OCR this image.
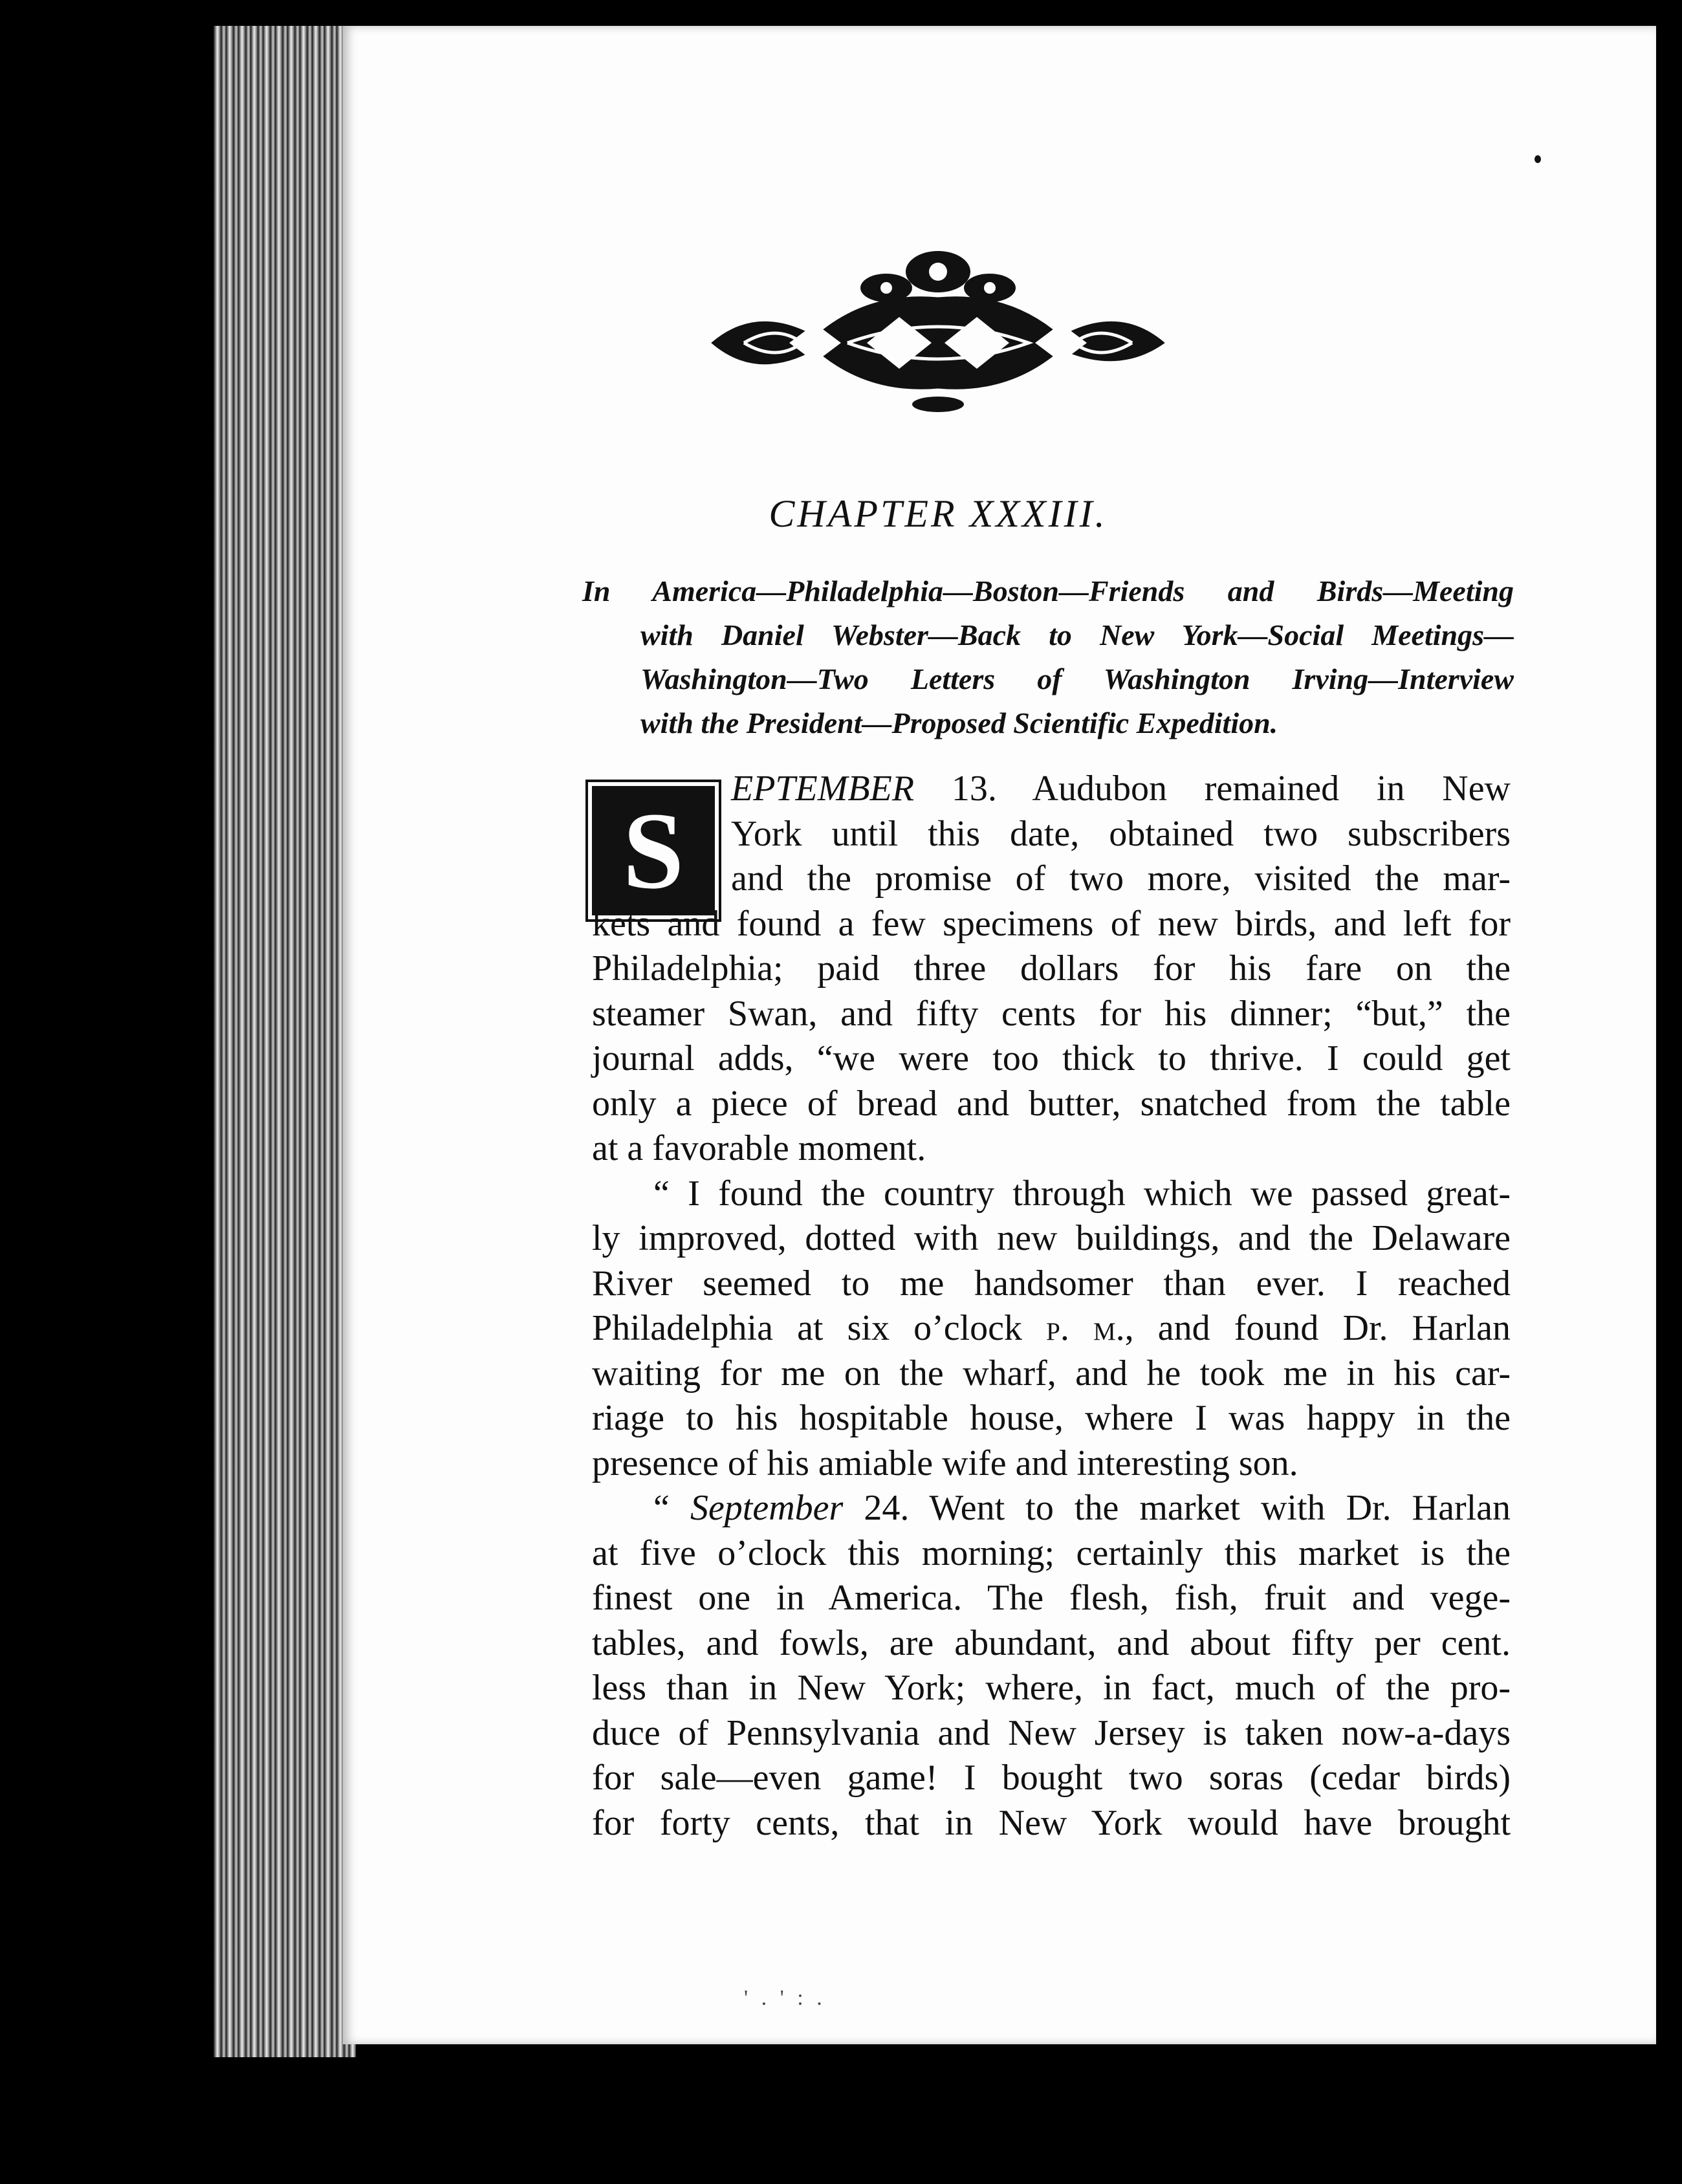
CHAPTER XXXIII.
In America—Philadelphia—Boston—Friends and Birds—Meeting
with Daniel Webster—Back to New York—Social Meetings—
Washington—Two Letters of Washington Irving—Interview
with the President—Proposed Scientific Expedition.
S
EPTEMBER 13. Audubon remained in New
York until this date, obtained two subscribers
and the promise of two more, visited the mar-
kets and found a few specimens of new birds, and left for
Philadelphia; paid three dollars for his fare on the
steamer Swan, and fifty cents for his dinner; “but,” the
journal adds, “we were too thick to thrive. I could get
only a piece of bread and butter, snatched from the table
at a favorable moment.
“ I found the country through which we passed great-
ly improved, dotted with new buildings, and the Delaware
River seemed to me handsomer than ever. I reached
Philadelphia at six o’clock p. m., and found Dr. Harlan
waiting for me on the wharf, and he took me in his car-
riage to his hospitable house, where I was happy in the
presence of his amiable wife and interesting son.
“ September 24. Went to the market with Dr. Harlan
at five o’clock this morning; certainly this market is the
finest one in America. The flesh, fish, fruit and vege-
tables, and fowls, are abundant, and about fifty per cent.
less than in New York; where, in fact, much of the pro-
duce of Pennsylvania and New Jersey is taken now-a-days
for sale—even game! I bought two soras (cedar birds)
for forty cents, that in New York would have brought
' . ' : .
